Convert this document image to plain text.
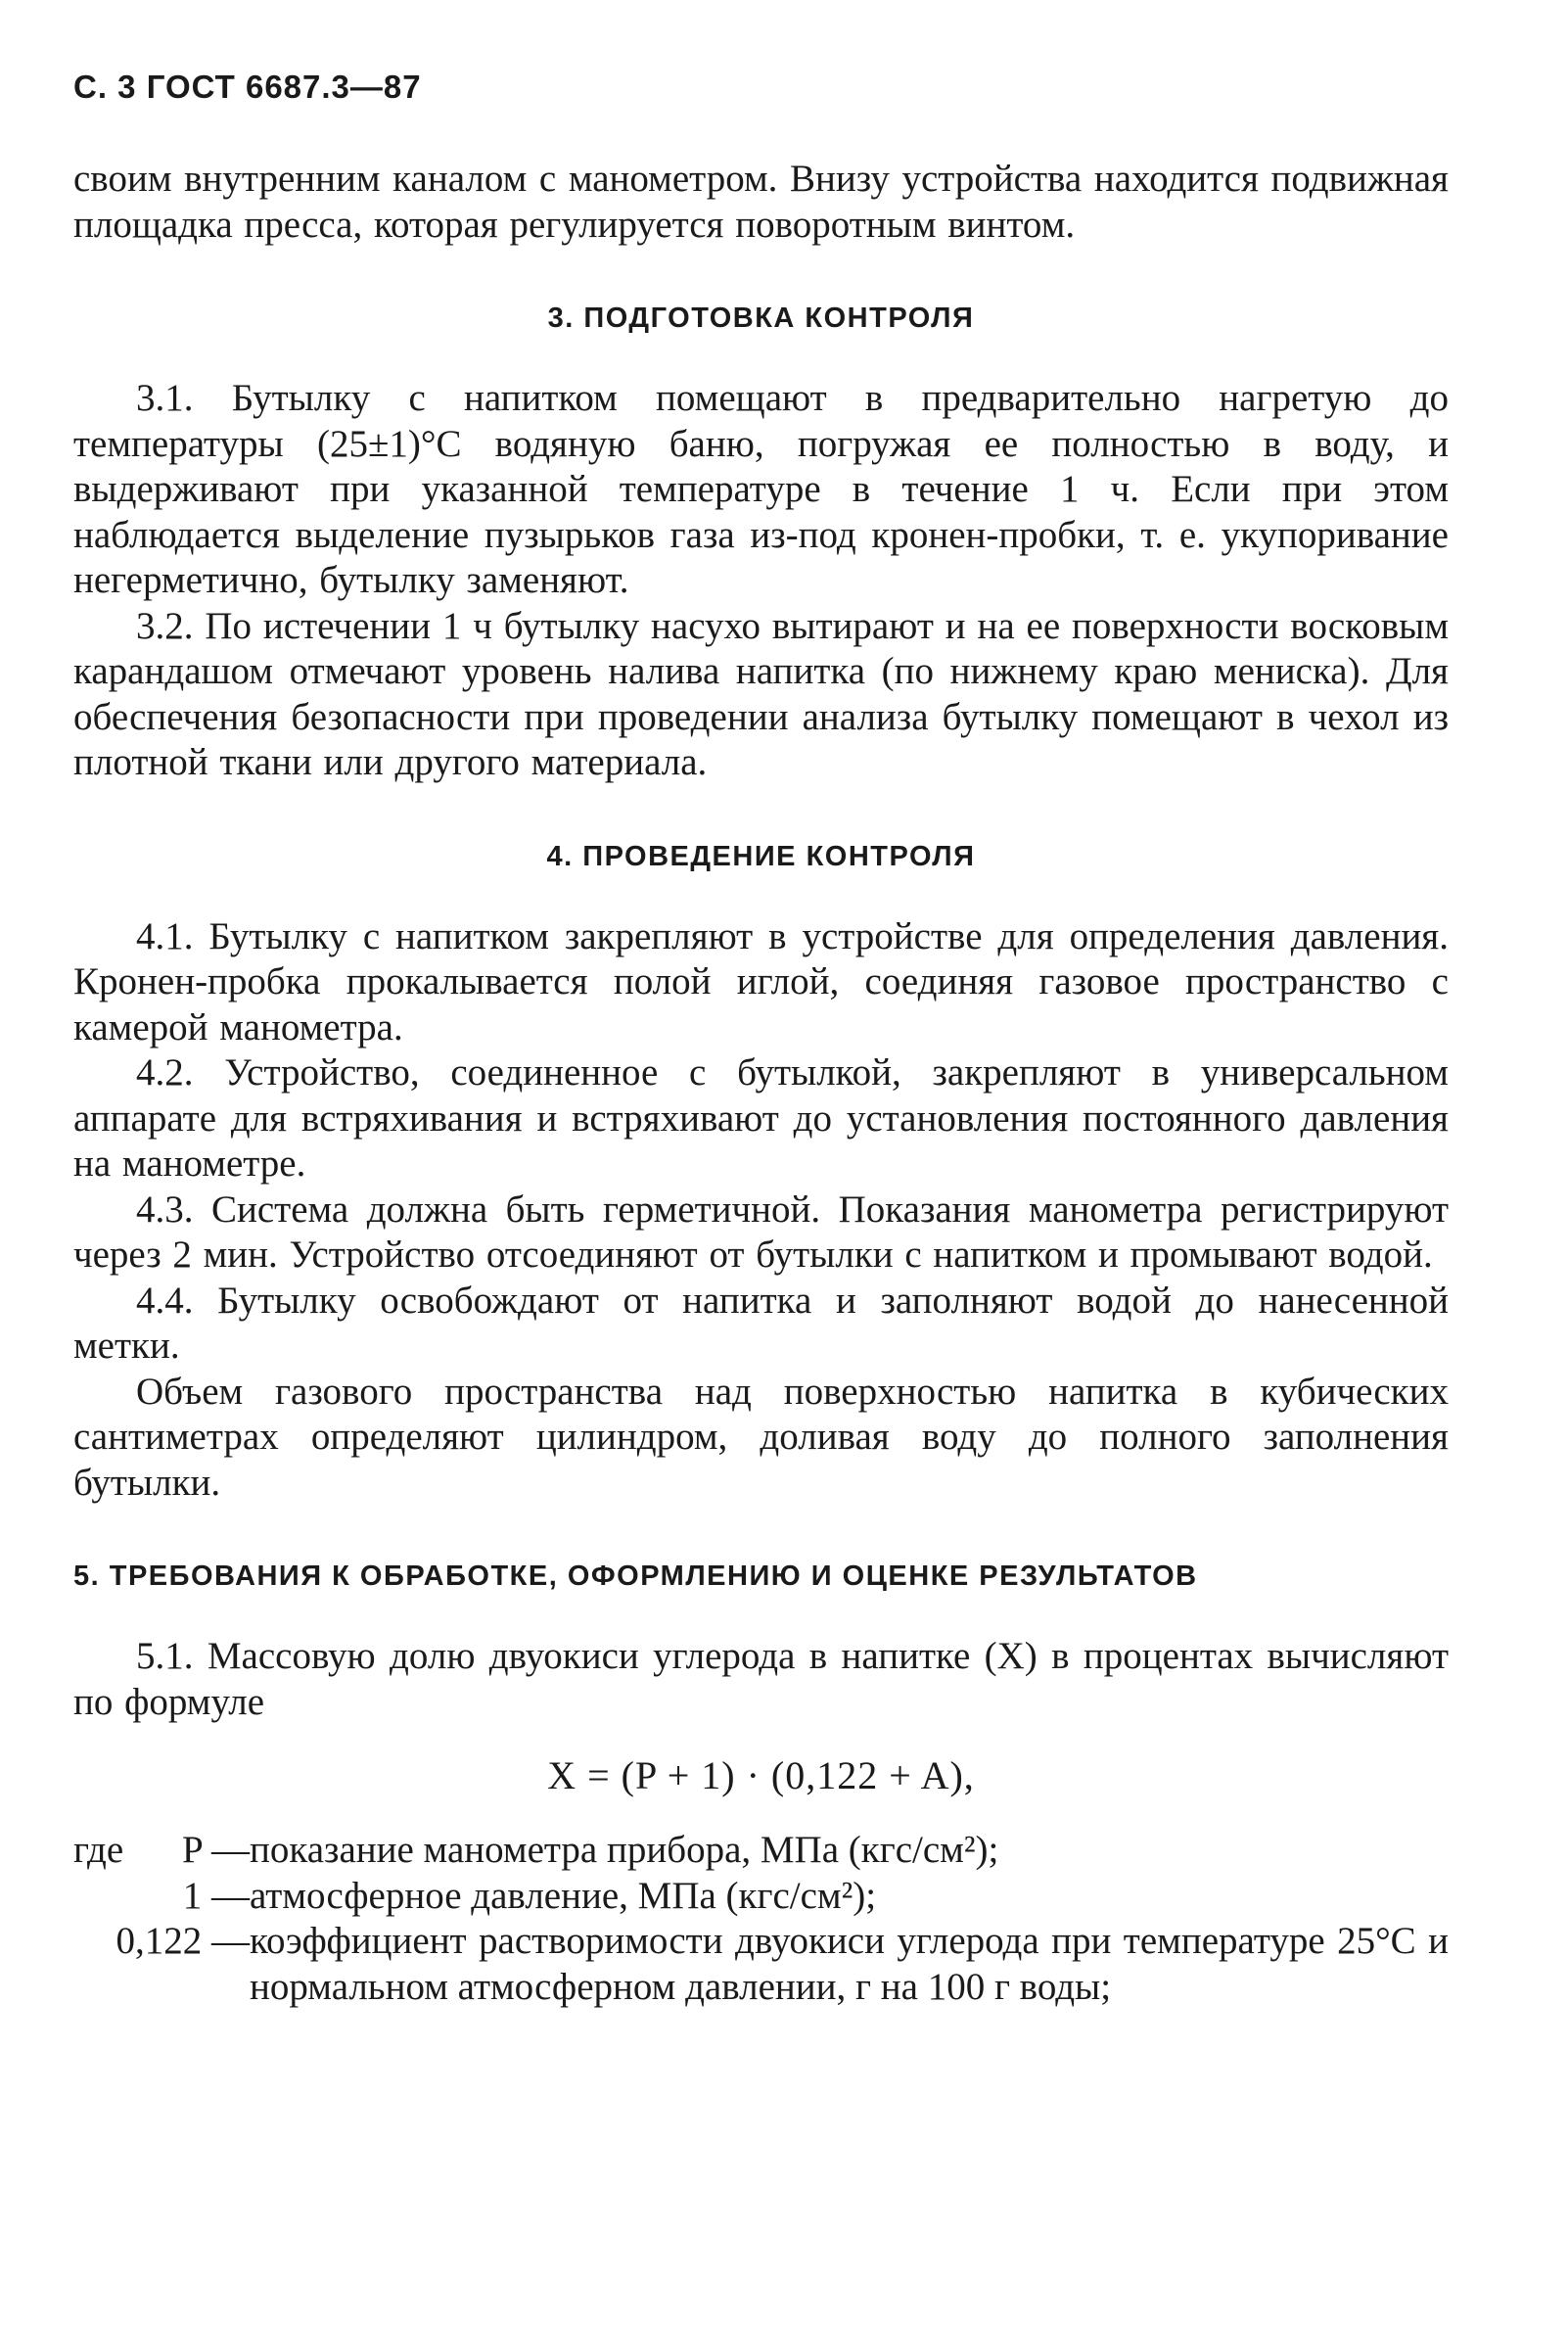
С. 3 ГОСТ 6687.3—87

своим внутренним каналом с манометром. Внизу устройства находится подвижная площадка пресса, которая регулируется поворотным винтом.

3. ПОДГОТОВКА КОНТРОЛЯ

3.1. Бутылку с напитком помещают в предварительно нагретую до температуры (25±1)°С водяную баню, погружая ее полностью в воду, и выдерживают при указанной температуре в течение 1 ч. Если при этом наблюдается выделение пузырьков газа из-под кронен-пробки, т. е. укупоривание негерметично, бутылку заменяют.

3.2. По истечении 1 ч бутылку насухо вытирают и на ее поверхности восковым карандашом отмечают уровень налива напитка (по нижнему краю мениска). Для обеспечения безопасности при проведении анализа бутылку помещают в чехол из плотной ткани или другого материала.

4. ПРОВЕДЕНИЕ КОНТРОЛЯ

4.1. Бутылку с напитком закрепляют в устройстве для определения давления. Кронен-пробка прокалывается полой иглой, соединяя газовое пространство с камерой манометра.

4.2. Устройство, соединенное с бутылкой, закрепляют в универсальном аппарате для встряхивания и встряхивают до установления постоянного давления на манометре.

4.3. Система должна быть герметичной. Показания манометра регистрируют через 2 мин. Устройство отсоединяют от бутылки с напитком и промывают водой.

4.4. Бутылку освобождают от напитка и заполняют водой до нанесенной метки.

Объем газового пространства над поверхностью напитка в кубических сантиметрах определяют цилиндром, доливая воду до полного заполнения бутылки.

5. ТРЕБОВАНИЯ К ОБРАБОТКЕ, ОФОРМЛЕНИЮ И ОЦЕНКЕ РЕЗУЛЬТАТОВ

5.1. Массовую долю двуокиси углерода в напитке (X) в процентах вычисляют по формуле

X = (P + 1) · (0,122 + A),
где P — показание манометра прибора, МПа (кгс/см²);
1 — атмосферное давление, МПа (кгс/см²);
0,122 — коэффициент растворимости двуокиси углерода при температуре 25°С и нормальном атмосферном давлении, г на 100 г воды;
